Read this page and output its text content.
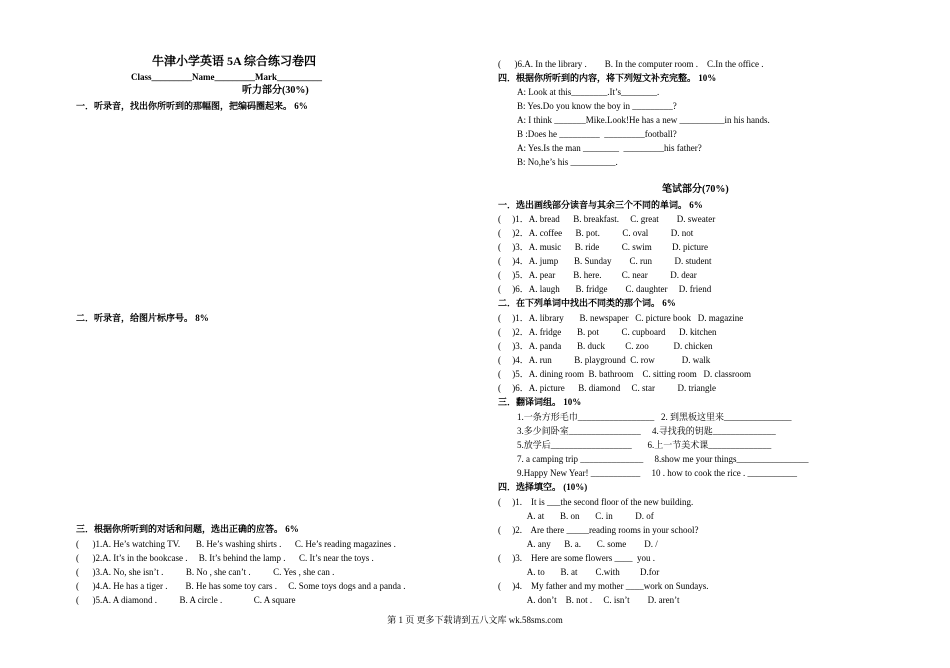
牛津小学英语 5A 综合练习卷四
Class_________Name_________Mark__________
听力部分(30%)
一．听录音，找出你所听到的那幅图，把编码圈起来。 6%
二．听录音，给图片标序号。 8%
三．根据你所听到的对话和问题，选出正确的应答。 6%
(      )1.A. He’s watching TV.       B. He’s washing shirts .      C. He’s reading magazines .
(      )2.A. It’s in the bookcase .     B. It’s behind the lamp .      C. It’s near the toys .
(      )3.A. No, she isn’t .          B. No , she can’t .          C. Yes , she can .
(      )4.A. He has a tiger .        B. He has some toy cars .     C. Some toys dogs and a panda .
(      )5.A. A diamond .          B. A circle .              C. A square
(      )6.A. In the library .        B. In the computer room .    C.In the office .
四．根据你所听到的内容，将下列短文补充完整。 10%
A: Look at this________.It’s________.
B: Yes.Do you know the boy in _________?
A: I think _______Mike.Look!He has a new __________in his hands.
B :Does he _________  _________football?
A: Yes.Is the man ________  _________his father?
B: No,he’s his __________.
笔试部分(70%)
一．选出画线部分读音与其余三个不同的单词。 6%
(     )1．A. bread      B. breakfast.     C. great        D. sweater
(     )2．A. coffee      B. pot.          C. oval          D. not
(     )3．A. music      B. ride          C. swim         D. picture
(     )4．A. jump       B. Sunday        C. run          D. student
(     )5．A. pear        B. here.         C. near          D. dear
(     )6．A. laugh       B. fridge        C. daughter     D. friend
二．在下列单词中找出不同类的那个词。 6%
(     )1．A. library       B. newspaper   C. picture book   D. magazine
(     )2．A. fridge       B. pot          C. cupboard      D. kitchen
(     )3．A. panda       B. duck         C. zoo           D. chicken
(     )4．A. run          B. playground  C. row            D. walk
(     )5．A. dining room  B. bathroom    C. sitting room   D. classroom
(     )6．A. picture      B. diamond     C. star          D. triangle
三．翻译词组。 10%
1.一条方形毛巾_________________   2. 到黑板这里来_______________
3.多少间卧室________________     4.寻找我的钥匙______________
5.放学后__________________       6.上一节美术课______________
7. a camping trip ______________     8.show me your things________________
9.Happy New Year! ___________     10 . how to cook the rice . ___________
四．选择填空。 (10%)
(     )1.    It is ___the second floor of the new building.
A. at       B. on       C. in          D. of
(     )2.    Are there _____reading rooms in your school?
A. any      B. a.       C. some        D. /
(     )3.    Here are some flowers ____  you .
A. to       B. at        C.with         D.for
(     )4.    My father and my mother ____work on Sundays.
A. don’t    B. not .     C. isn’t        D. aren’t
第 1 页 更多下载请到五八文库 wk.58sms.com
